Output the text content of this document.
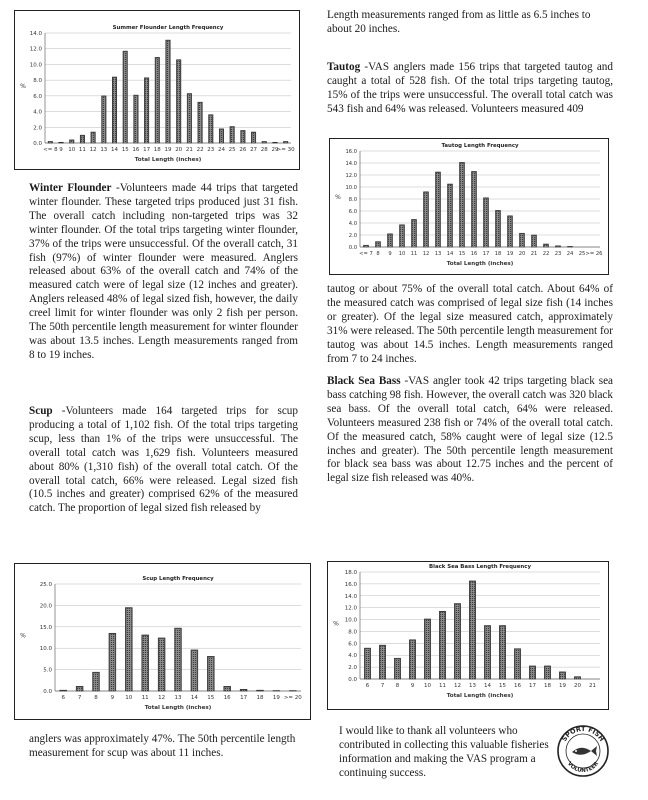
Summer Flounder Length Frequency
0.0
2.0
4.0
6.0
8.0
10.0
12.0
14.0
%
<= 8 9 10 11 12 13 14 15 16 17 18 19 20 21 22 23 24 25 26 27 28 29
>= 30
Total Length (inches)
Winter Flounder -Volunteers made 44 trips that targeted winter flounder. These targeted trips produced just 31 fish. The overall catch including non-targeted trips was 32 winter flounder. Of the total trips targeting winter flounder, 37% of the trips were unsuccessful. Of the overall catch, 31 fish (97%) of winter flounder were measured. Anglers released about 63% of the overall catch and 74% of the measured catch were of legal size (12 inches and greater). Anglers released 48% of legal sized fish, however, the daily creel limit for winter flounder was only 2 fish per person. The 50th percentile length measurement for winter flounder was about 13.5 inches. Length measurements ranged from 8 to 19 inches.
Scup -Volunteers made 164 targeted trips for scup producing a total of 1,102 fish. Of the total trips targeting scup, less than 1% of the trips were unsuccessful. The overall total catch was 1,629 fish. Volunteers measured about 80% (1,310 fish) of the overall total catch. Of the overall total catch, 66% were released. Legal sized fish (10.5 inches and greater) comprised 62% of the measured catch. The proportion of legal sized fish released by
Scup Length Frequency
0.0
5.0
10.0
15.0
20.0
25.0
%
6 7 8 9 10 11 12 13 14 15 16 17 18 19 >= 20
Total Length (inches)
anglers was approximately 47%. The 50th percentile length measurement for scup was about 11 inches.
Length measurements ranged from as little as 6.5 inches to about 20 inches.
Tautog -VAS anglers made 156 trips that targeted tautog and caught a total of 528 fish. Of the total trips targeting tautog, 15% of the trips were unsuccessful. The overall total catch was 543 fish and 64% was released. Volunteers measured 409
Tautog Length Frequency
0.0
2.0
4.0
6.0
8.0
10.0
12.0
14.0
16.0
%
<= 7 8 9 10 11 12 13 14 15 16 17 18 19 20 21 22 23 24 25 >= 26
Total Length (inches)
tautog or about 75% of the overall total catch. About 64% of the measured catch was comprised of legal size fish (14 inches or greater). Of the legal size measured catch, approximately 31% were released. The 50th percentile length measurement for tautog was about 14.5 inches. Length measurements ranged from 7 to 24 inches.
Black Sea Bass -VAS angler took 42 trips targeting black sea bass catching 98 fish. However, the overall catch was 320 black sea bass. Of the overall total catch, 64% were released. Volunteers measured 238 fish or 74% of the overall total catch. Of the measured catch, 58% caught were of legal size (12.5 inches and greater). The 50th percentile length measurement for black sea bass was about 12.75 inches and the percent of legal size fish released was 40%.
Black Sea Bass Length Frequency
0.0
2.0
4.0
6.0
8.0
10.0
12.0
14.0
16.0
18.0
%
6 7 8 9 10 11 12 13 14 15 16 17 18 19 20 21
Total Length (inches)
I would like to thank all volunteers who contributed in collecting this valuable fisheries information and making the VAS program a continuing success.
SPORT FISH
VOLUNTEER
